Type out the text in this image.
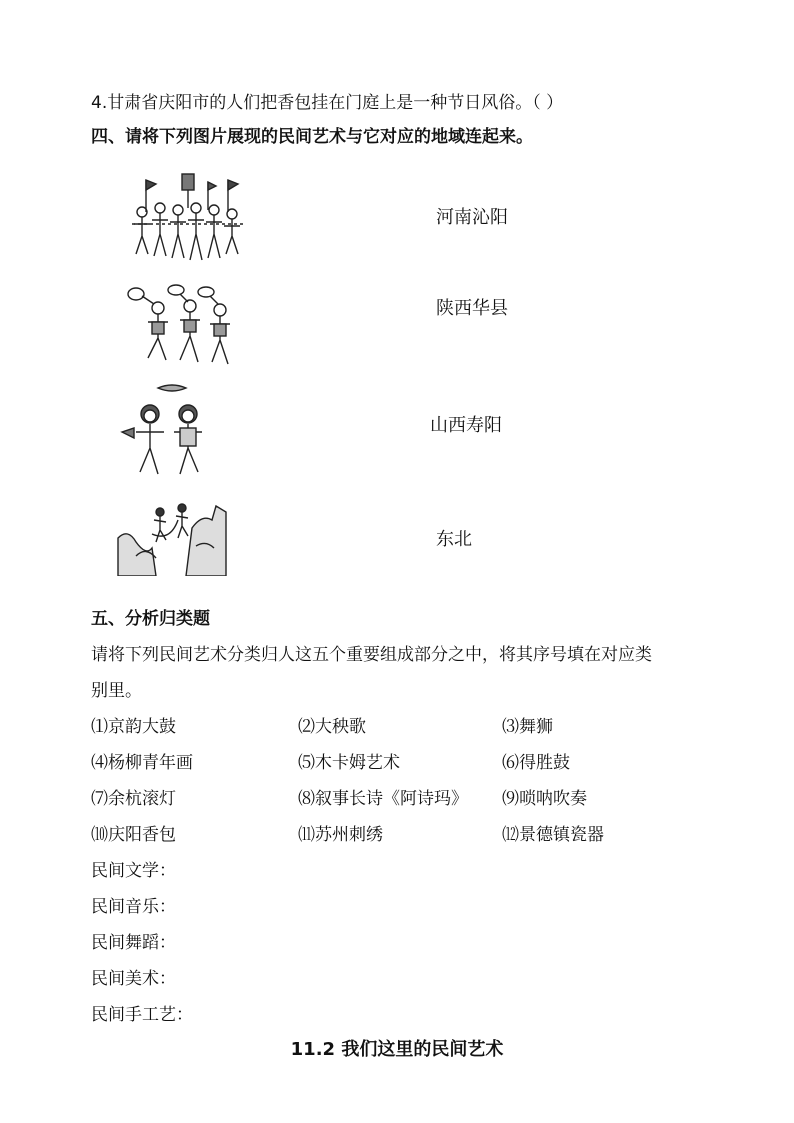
4.甘肃省庆阳市的人们把香包挂在门庭上是一种节日风俗。（ ）
四、请将下列图片展现的民间艺术与它对应的地域连起来。
河南沁阳
陕西华县
山西寿阳
东北
五、分析归类题
请将下列民间艺术分类归人这五个重要组成部分之中，将其序号填在对应类
别里。
⑴京韵大鼓	⑵大秧歌	⑶舞狮
⑷杨柳青年画	⑸木卡姆艺术	⑹得胜鼓
⑺余杭滚灯	⑻叙事长诗《阿诗玛》 ⑼唢呐吹奏
⑽庆阳香包	⑾苏州刺绣	⑿景德镇瓷器
民间文学：
民间音乐：
民间舞蹈：
民间美术：
民间手工艺：
11.2 我们这里的民间艺术
